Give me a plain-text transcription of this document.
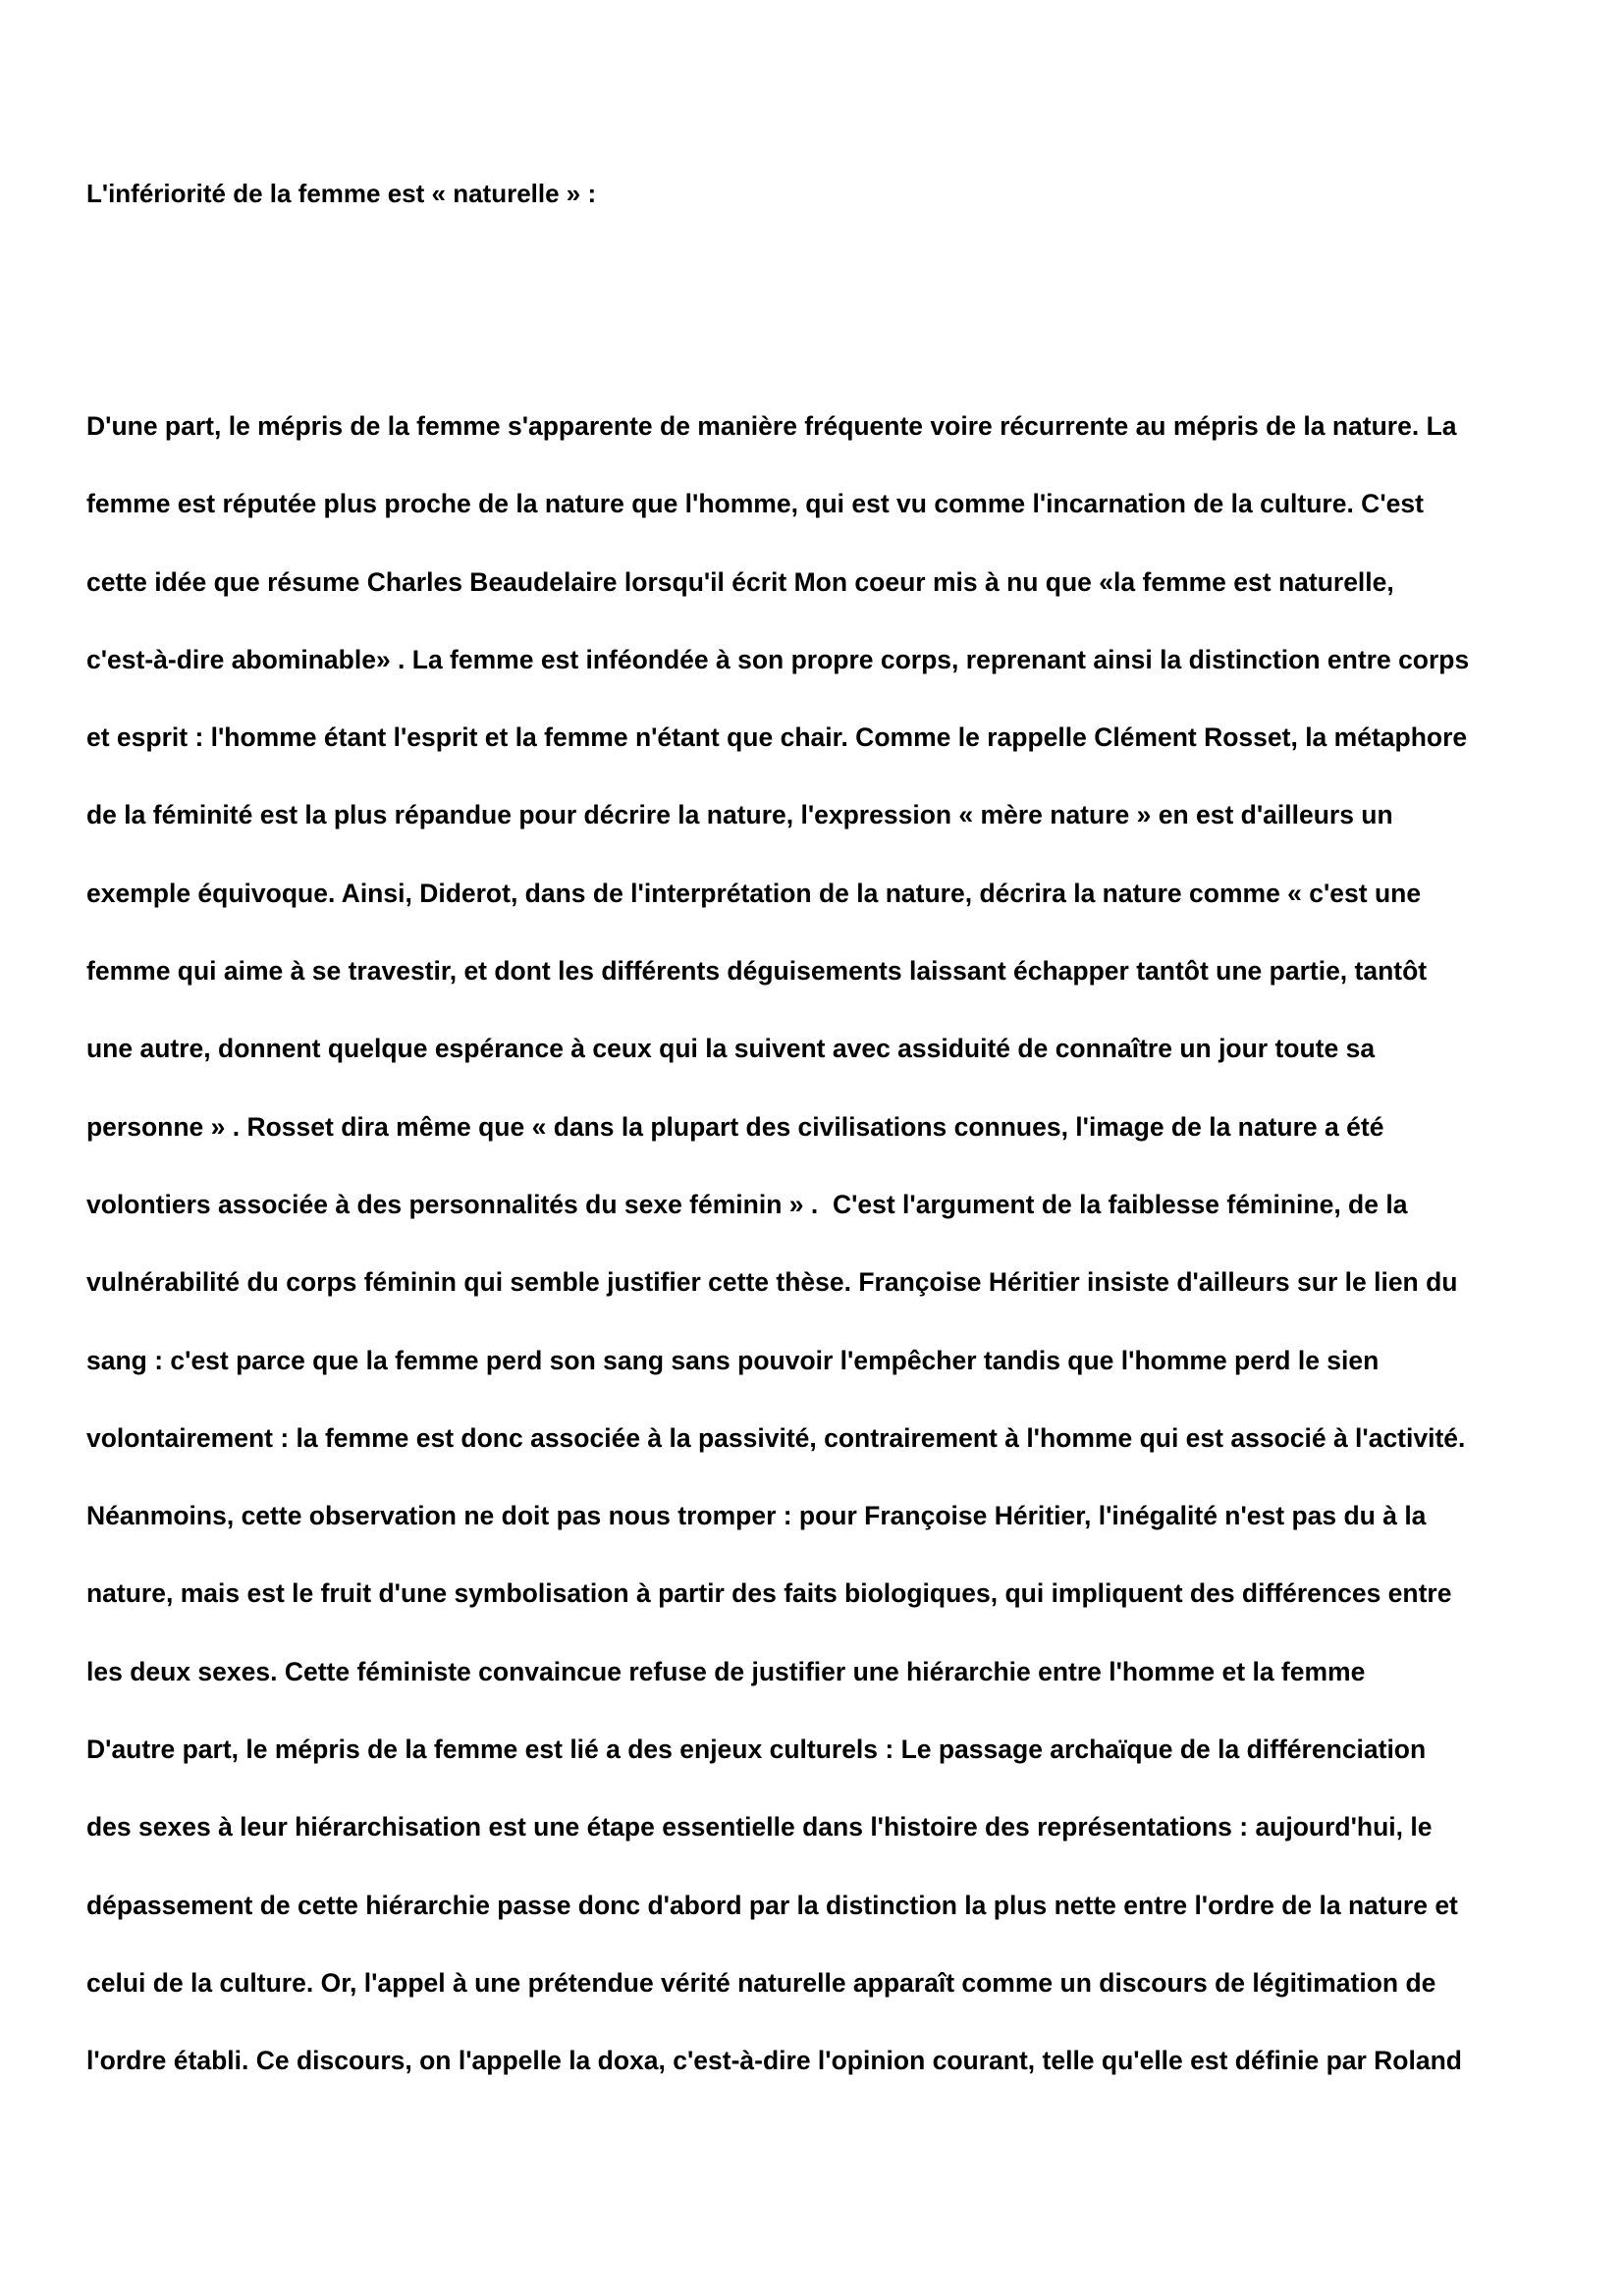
L'infériorité de la femme est « naturelle » :
D'une part, le mépris de la femme s'apparente de manière fréquente voire récurrente au mépris de la nature. La
femme est réputée plus proche de la nature que l'homme, qui est vu comme l'incarnation de la culture. C'est
cette idée que résume Charles Beaudelaire lorsqu'il écrit Mon coeur mis à nu que «la femme est naturelle,
c'est-à-dire abominable» . La femme est inféondée à son propre corps, reprenant ainsi la distinction entre corps
et esprit : l'homme étant l'esprit et la femme n'étant que chair. Comme le rappelle Clément Rosset, la métaphore
de la féminité est la plus répandue pour décrire la nature, l'expression « mère nature » en est d'ailleurs un
exemple équivoque. Ainsi, Diderot, dans de l'interprétation de la nature, décrira la nature comme « c'est une
femme qui aime à se travestir, et dont les différents déguisements laissant échapper tantôt une partie, tantôt
une autre, donnent quelque espérance à ceux qui la suivent avec assiduité de connaître un jour toute sa
personne » . Rosset dira même que « dans la plupart des civilisations connues, l'image de la nature a été
volontiers associée à des personnalités du sexe féminin » .  C'est l'argument de la faiblesse féminine, de la
vulnérabilité du corps féminin qui semble justifier cette thèse. Françoise Héritier insiste d'ailleurs sur le lien du
sang : c'est parce que la femme perd son sang sans pouvoir l'empêcher tandis que l'homme perd le sien
volontairement : la femme est donc associée à la passivité, contrairement à l'homme qui est associé à l'activité.
Néanmoins, cette observation ne doit pas nous tromper : pour Françoise Héritier, l'inégalité n'est pas du à la
nature, mais est le fruit d'une symbolisation à partir des faits biologiques, qui impliquent des différences entre
les deux sexes. Cette féministe convaincue refuse de justifier une hiérarchie entre l'homme et la femme
D'autre part, le mépris de la femme est lié a des enjeux culturels : Le passage archaïque de la différenciation
des sexes à leur hiérarchisation est une étape essentielle dans l'histoire des représentations : aujourd'hui, le
dépassement de cette hiérarchie passe donc d'abord par la distinction la plus nette entre l'ordre de la nature et
celui de la culture. Or, l'appel à une prétendue vérité naturelle apparaît comme un discours de légitimation de
l'ordre établi. Ce discours, on l'appelle la doxa, c'est-à-dire l'opinion courant, telle qu'elle est définie par Roland
